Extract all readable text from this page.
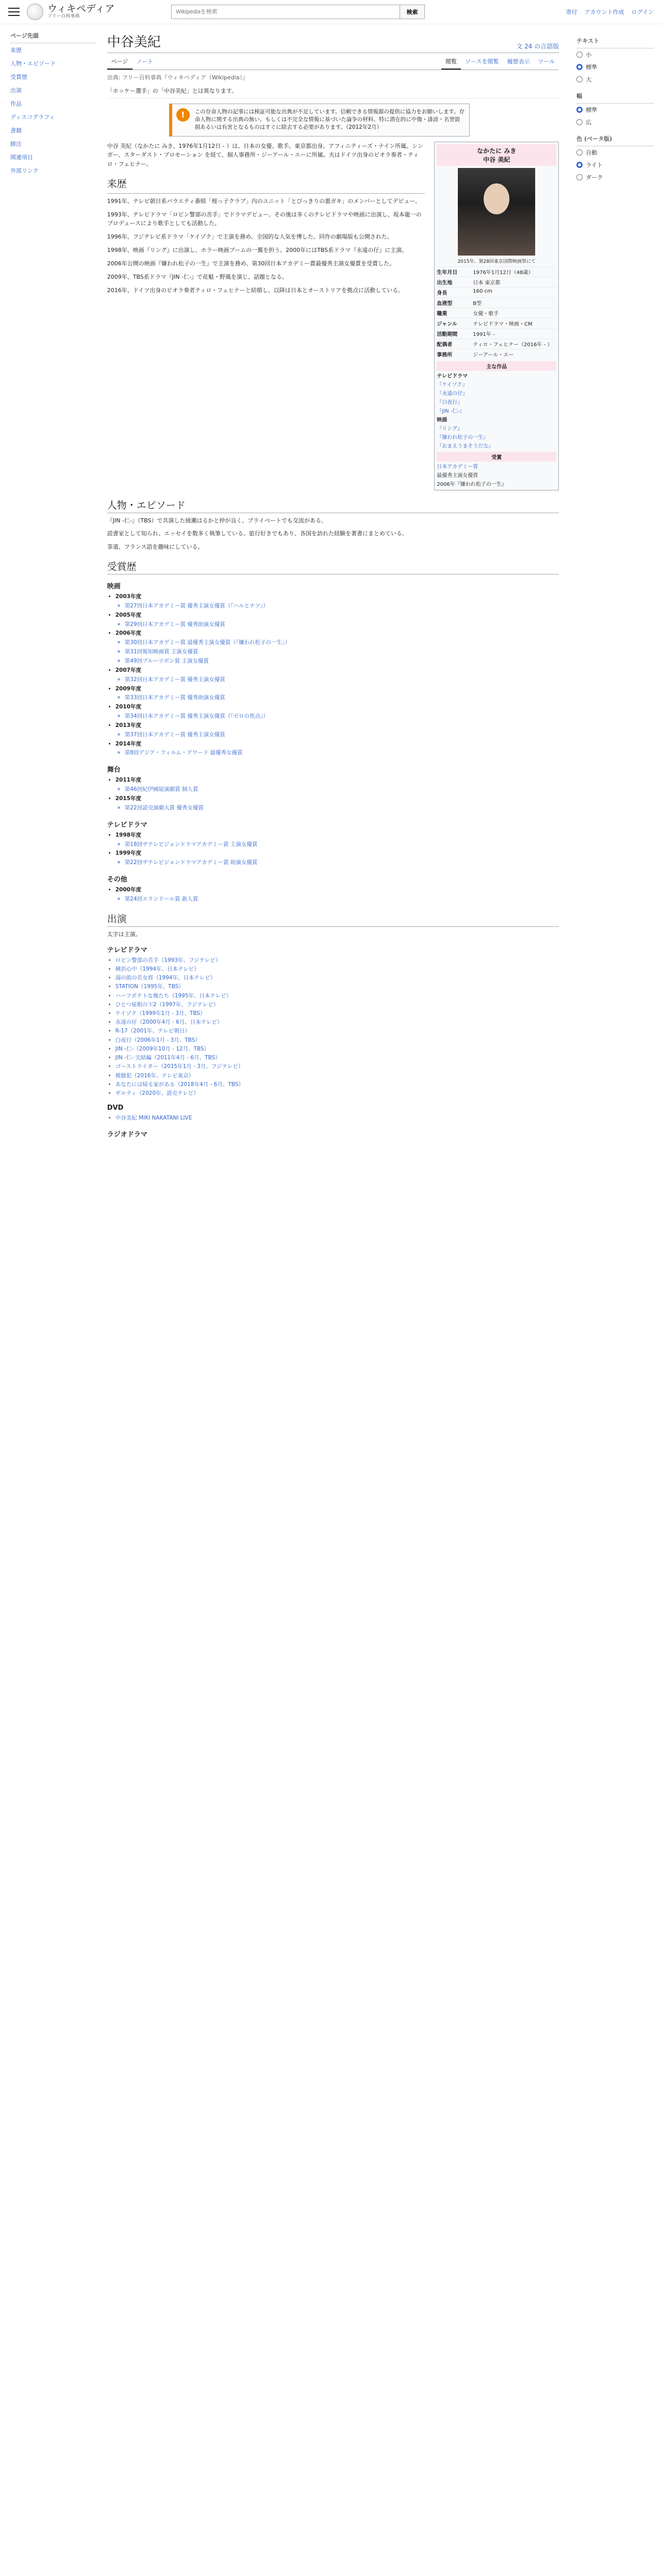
ウィキペディア
フリー百科事典
Wikipediaを検索
検索	寄付 アカウント作成 ログイン
ページ先頭
来歴
人物・エピソード
受賞歴
出演
作品
ディスコグラフィ
書籍
脚注
関連項目
外部リンク
中谷美紀	文 24 の言語版
ページ	ノート	閲覧	ソースを閲覧	履歴表示	ツール
出典: フリー百科事典『ウィキペディア（Wikipedia）』
「ホッケー選手」の「中谷美紀」とは異なります。
!	この存命人物の記事には検証可能な出典が不足しています。信頼できる情報源の提供に協力をお願いします。存命人物に関する出典の無い、もしくは不完全な情報に基づいた論争の材料、特に潜在的に中傷・誹謗・名誉毀損あるいは有害となるものはすぐに除去する必要があります。（2012年2月）

中谷 美紀（なかたに みき、1976年1月12日 - ）は、日本の女優、歌手。東京都出身。アフィニティーズ・ナイン所属。シンガー、スターダスト・プロモーション を経て、個人事務所・ジーアール・エーに所属。夫はドイツ出身のビオラ奏者・ティロ・フェヒナー。

来歴

1991年、テレビ朝日系バラエティ番組「桜っ子クラブ」内のユニット「とびっきりの悪ガキ」のメンバーとしてデビュー。

1993年、テレビドラマ「ロビン警部の苦手」でドラマデビュー。その後は多くのテレビドラマや映画に出演し、坂本龍一のプロデュースにより歌手としても活動した。

1996年、フジテレビ系ドラマ「ケイゾク」で主演を務め、全国的な人気を博した。同作の劇場版も公開された。

1998年、映画『リング』に出演し、ホラー映画ブームの一翼を担う。2000年にはTBS系ドラマ『永遠の仔』に主演。

2006年公開の映画『嫌われ松子の一生』で主演を務め、第30回日本アカデミー賞最優秀主演女優賞を受賞した。

2009年、TBS系ドラマ『JIN -仁-』で花魁・野風を演じ、話題となる。

2016年、ドイツ出身のビオラ奏者ティロ・フェヒナーと結婚し、以降は日本とオーストリアを拠点に活動している。

なかたに みき
中谷 美紀
2015年、第28回東京国際映画祭にて
生年月日	1976年1月12日（48歳）
出生地	日本 東京都
身長	160 cm
血液型	B型
職業	女優・歌手
ジャンル	テレビドラマ・映画・CM
活動期間	1991年 -
配偶者	ティロ・フェヒナー（2016年 - ）
事務所	ジーアール・エー
主な作品
テレビドラマ
『ケイゾク』
『永遠の仔』
『白夜行』
『JIN -仁-』
映画
『リング』
『嫌われ松子の一生』
『おまえうまそうだな』
受賞
日本アカデミー賞
最優秀主演女優賞
2006年『嫌われ松子の一生』
人物・エピソード

『JIN -仁-』（TBS）で共演した綾瀬はるかと仲が良く、プライベートでも交流がある。

読書家として知られ、エッセイを数多く執筆している。旅行好きでもあり、各国を訪れた経験を著書にまとめている。

茶道、フランス語を趣味にしている。

受賞歴
映画
• 2003年度
◦ 第27回日本アカデミー賞 優秀主演女優賞（『ハルとナツ』）
• 2005年度
◦ 第29回日本アカデミー賞 優秀助演女優賞
• 2006年度
◦ 第30回日本アカデミー賞 最優秀主演女優賞（『嫌われ松子の一生』）
◦ 第31回報知映画賞 主演女優賞
◦ 第49回ブルーリボン賞 主演女優賞
• 2007年度
◦ 第32回日本アカデミー賞 優秀主演女優賞
• 2009年度
◦ 第33回日本アカデミー賞 優秀助演女優賞
• 2010年度
◦ 第34回日本アカデミー賞 優秀主演女優賞（『ゼロの焦点』）
• 2013年度
◦ 第37回日本アカデミー賞 優秀主演女優賞
• 2014年度
◦ 第8回アジア・フィルム・アワード 最優秀女優賞
舞台
• 2011年度
◦ 第46回紀伊國屋演劇賞 個人賞
• 2015年度
◦ 第22回読売演劇大賞 優秀女優賞
テレビドラマ
• 1998年度
◦ 第18回ザテレビジョンドラマアカデミー賞 主演女優賞
• 1999年度
◦ 第22回ザテレビジョンドラマアカデミー賞 助演女優賞
その他
• 2000年度
◦ 第24回エランドール賞 新人賞
出演

太字は主演。

テレビドラマ
• ロビン警部の苦手（1993年、フジテレビ）
• 横浜心中（1994年、日本テレビ）
• 湯の街の若女将（1994年、日本テレビ）
• STATION（1995年、TBS）
• ハーフポテトな俺たち（1995年、日本テレビ）
• ひとつ屋根の下2（1997年、フジテレビ）
• ケイゾク（1999年1月 - 3月、TBS）
• 永遠の仔（2000年4月 - 6月、日本テレビ）
• R-17（2001年、テレビ朝日）
• 白夜行（2006年1月 - 3月、TBS）
• JIN -仁-（2009年10月 - 12月、TBS）
• JIN -仁- 完結編（2011年4月 - 6月、TBS）
• ゴーストライター（2015年1月 - 3月、フジテレビ）
• 模倣犯（2016年、テレビ東京）
• あなたには帰る家がある（2018年4月 - 6月、TBS）
• ギルティ（2020年、読売テレビ）
DVD
• 中谷美紀 MIKI NAKATANI LIVE
ラジオドラマ
テキスト
小
標準
大
幅
標準
広
色 (ベータ版)
自動
ライト
ダーク
